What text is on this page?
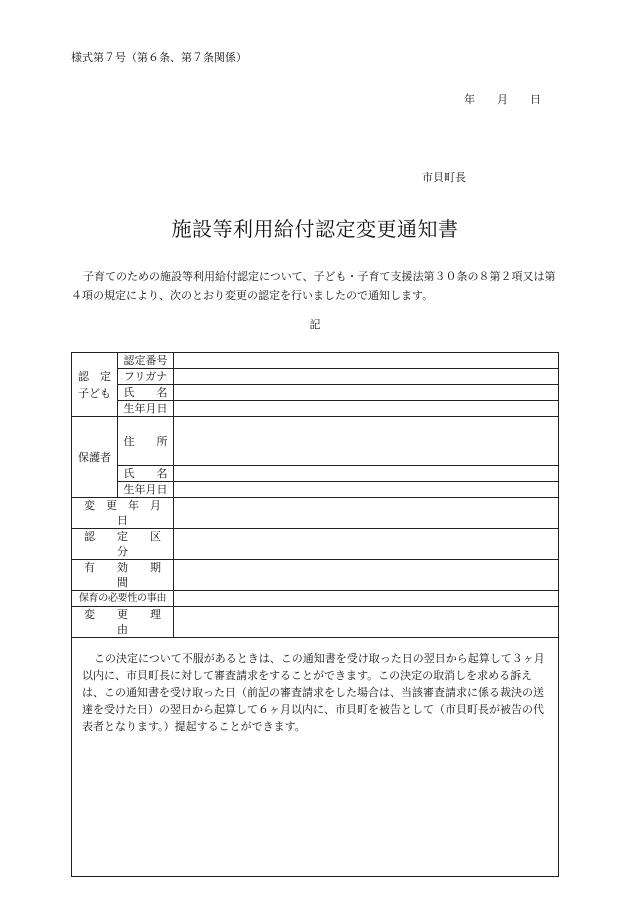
様式第７号（第６条、第７条関係）
年 月 日
市貝町長
施設等利用給付認定変更通知書

子育てのための施設等利用給付認定について、子ども・子育て支援法第３０条の８第２項又は第４項の規定により、次のとおり変更の認定を行いましたので通知します。

記
認　定
子ども	認定番号	
	フリガナ	
	氏　　名	
	生年月日	
保護者	住　　所	
	氏　　名	
	生年月日	
変　更　年　月　日		
認　　定　　区　　分		
有　　効　　期　　間		
保育の必要性の事由		
変　　更　　理　　由		

この決定について不服があるときは、この通知書を受け取った日の翌日から起算して３ヶ月以内に、市貝町長に対して審査請求をすることができます。この決定の取消しを求める訴えは、この通知書を受け取った日（前記の審査請求をした場合は、当該審査請求に係る裁決の送達を受けた日）の翌日から起算して６ヶ月以内に、市貝町を被告として（市貝町長が被告の代表者となります。）提起することができます。		
